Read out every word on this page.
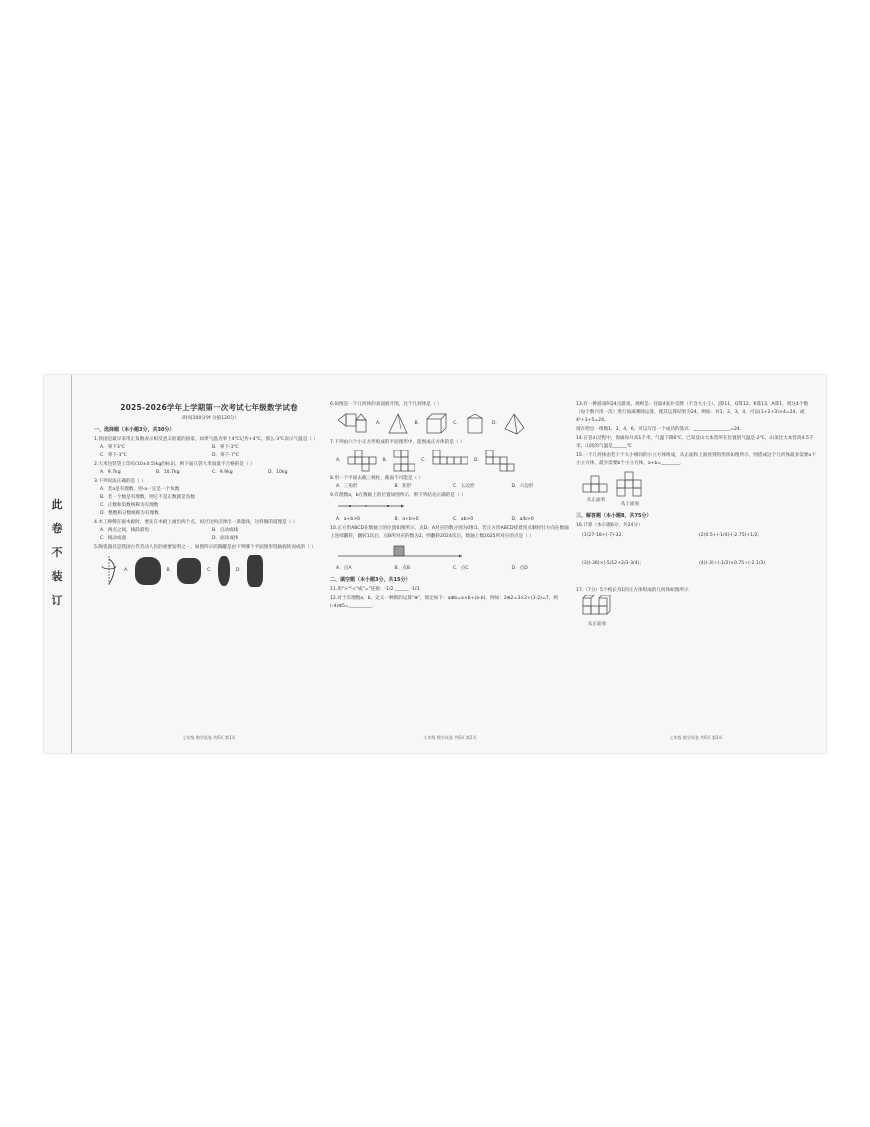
此卷不装订
2025-2026学年上学期第一次考试七年级数学试卷
（时间100分钟 分值120分）
一、选择题（本小题3分，共30分）
1.我国是最早采用正负数表示相反意义的量的国家，如果气温为零上4℃记作+4℃，那么-3℃表示气温是（ ）
A．零下3℃	B．零下-3℃
C．零下-3℃	D．零下-7℃
2.大米包装袋上印有(10±0.5)kg的标识，则下面几袋大米质量不合格的是（ ）
A．9.7kg	B．10.7kg	C．9.9kg	D．10kg
3.下列说法正确的是（ ）
A．若a是有理数，则-a一定是一个负数
B．若一个数是有理数，则它不是正数就是负数
C．正数和负数统称为有理数
D．整数和分数统称为有理数
4.木工师傅在锯木板时，要先在木板上画出两个点，再过这两点弹出一条墨线，这样做的道理是（ ）
A．两点之间，线段最短	B．点动成线
C．线动成面	D．面动成体
5.陶瓷器具是我国古代劳动人民的重要发明之一。如图所示的陶罐是由下列哪个平面图形绕轴旋转而成的（ ）
A.	B.	C.	D.
七年级 数学试卷 共6页 第1页
6.如图是一个几何体的表面展开图，这个几何体是（ ）
A.	B.	C.	D.
7.下列由六个小正方形组成的平面图形中，能围成正方体的是（ ）
A.	B.	C.	D.
8.用一个平面去截三棱柱，截面不可能是（ ）
A．三角形	B．矩形	C．五边形	D．六边形
9.有理数a，b在数轴上的位置如图所示，则下列结论正确的是（ ）
A．a+b>0	B．a+b>0	C．ab>0	D．a/b>0
10.正方形ABCD在数轴上的位置如图所示，点D、A对应的数分别为0和1，若正方形ABCD绕着顶点顺时针方向在数轴上连续翻转，翻转1次后，点B所对应的数为2；则翻转2024次后，数轴上数2025所对应的点是（ ）
A．点A	B．点B	C．点C	D．点D
二、填空题（本小题3分，共15分）
11.用">""<"或"="连接：-1/2 ______ -1/3.
12.对于有理数a，b，定义一种新的运算"⊕"，规定如下：a⊕b=a×b+(a-b)，例如：3⊕2=3×2+(3-2)=7，则(-4)⊕5=__________．
七年级 数学试卷 共6页 第2页
13.有一种游戏叫24点游戏，规则是：任取4张扑克牌（不含大小王），J算11，Q算12，K算13，A算1，将这4个数（每个数只用一次）进行加减乘除运算，使其运算结果为24，例如：对1，2，3，4，可以(1+2+3)×4=24，或4²+3+5=24。
现在给出一组数1，3，4，6，可以写出一个成功的算式：________________=24．
14.在登山过程中，海拔每升高1千米，气温下降6℃，已知登山大本营所在位置的气温是-2℃，山顶比大本营高4.5千米，山顶的气温是______℃
15.一个几何体由若干个大小相同的小立方体组成，从正面和上面看到的形状如图所示，则搭成这个几何体最多需要a个小立方体，最少需要b个小立方体，a+b=________．
从正面看
从上面看
三、解答题（本小题8，共75分）
16.计算（本小题6分，共24分）
(1)27-18+(-7)-32；	(2)0.5+(-1/4)-(-2.75)+1/2；
(3)(-36)×(-5/12+2/3-3/4)；	(4)(-3)÷(-1/2)×0.75÷(-2 1/3)．
17.（7分）5个棱长为1的正方体组成的几何体如图所示．
从正面看
七年级 数学试卷 共6页 第3页
